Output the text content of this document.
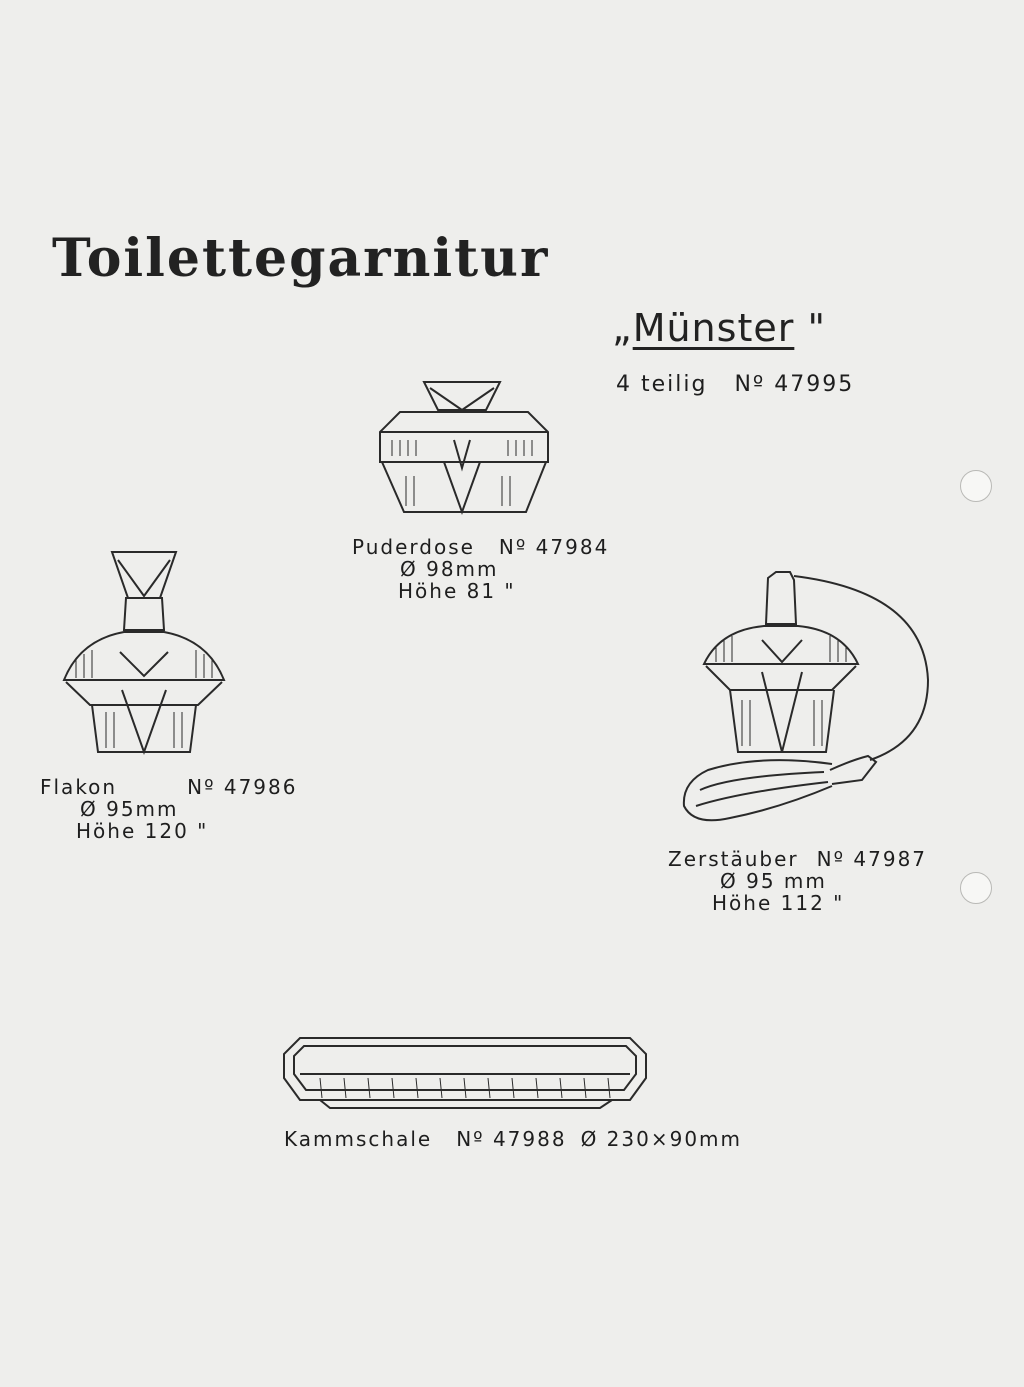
Toilettegarnitur
„Münster "
4 teilig Nº 47995
Puderdose Nº 47984
Ø 98mm
Höhe 81 "
Flakon	Nº 47986
Ø 95mm
Höhe 120 "
Zerstäuber Nº 47987
Ø 95 mm
Höhe 112 "
Kammschale Nº 47988 Ø 230×90mm
